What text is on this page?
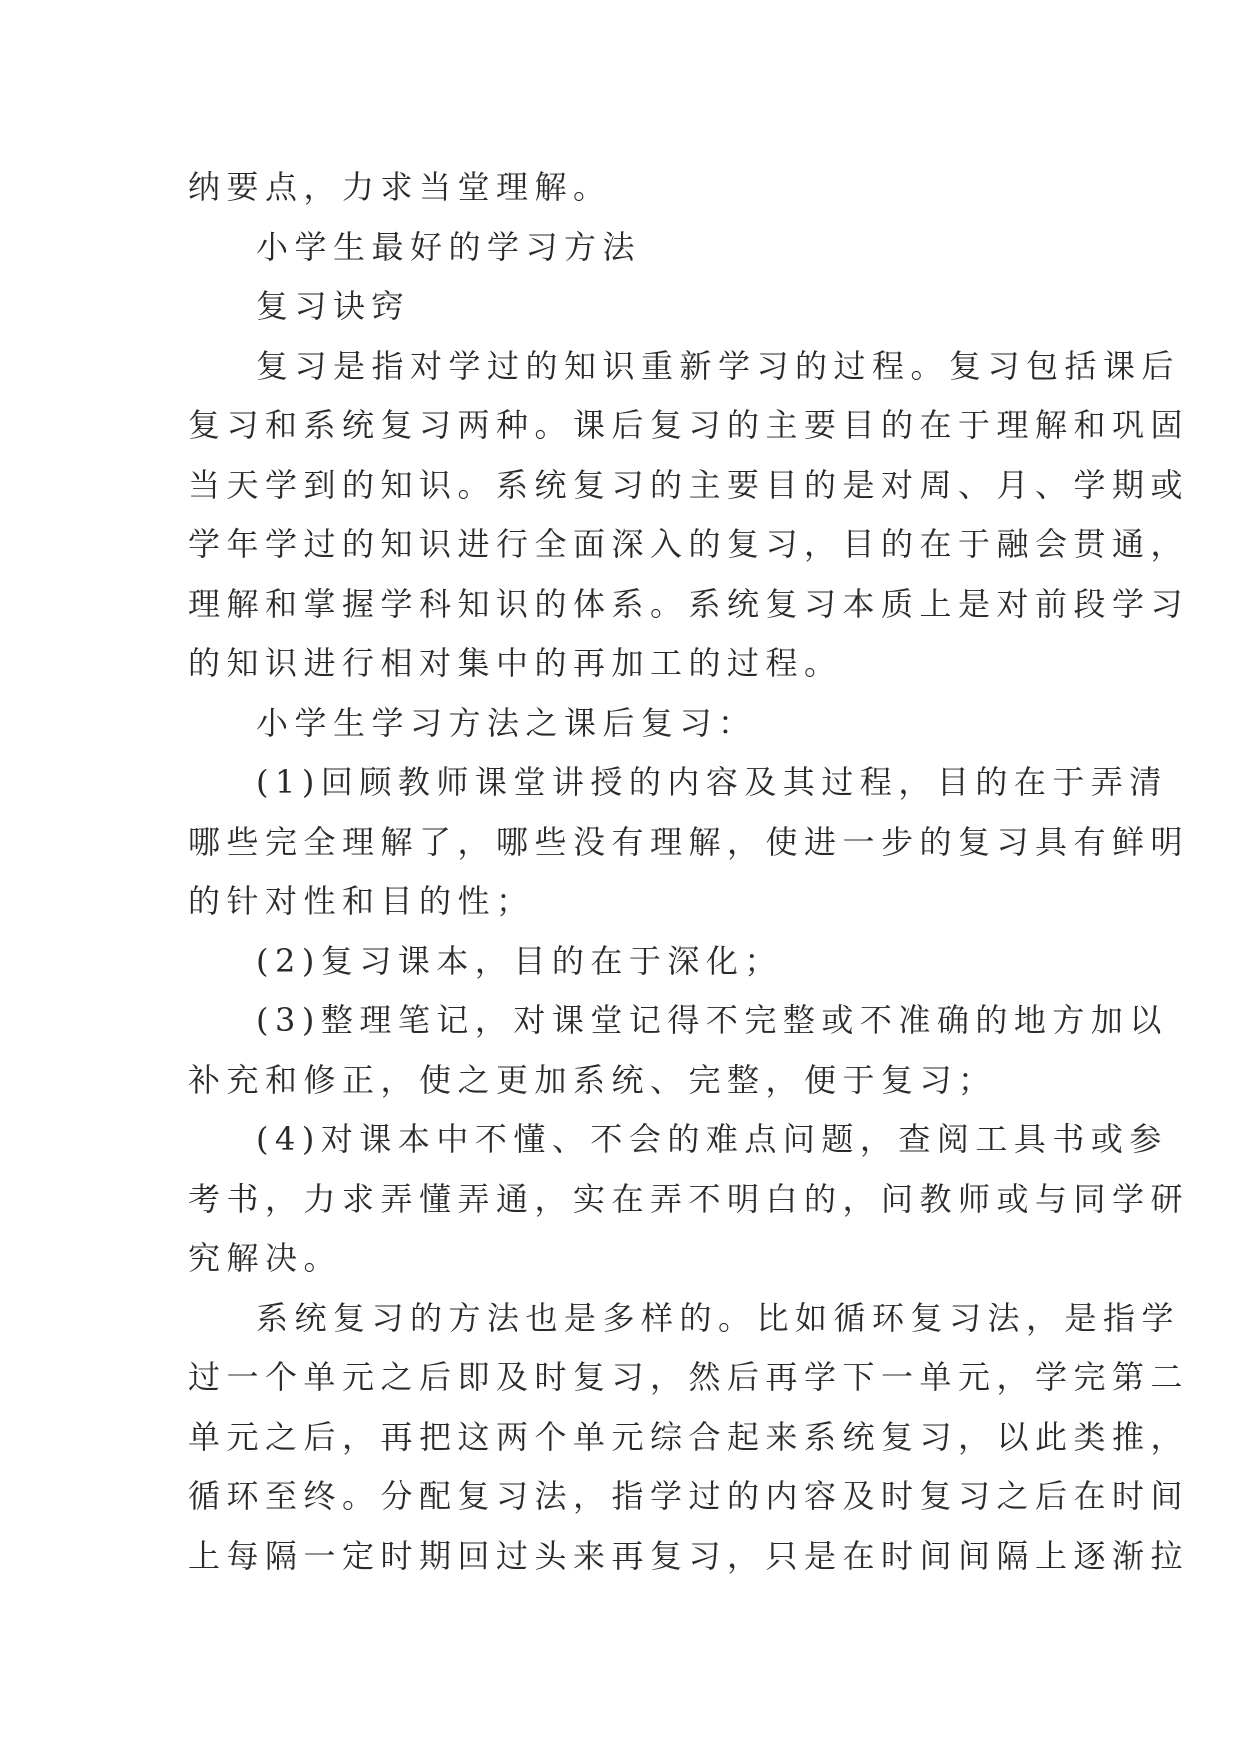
纳要点，力求当堂理解。
小学生最好的学习方法
复习诀窍
复习是指对学过的知识重新学习的过程。复习包括课后
复习和系统复习两种。课后复习的主要目的在于理解和巩固
当天学到的知识。系统复习的主要目的是对周、月、学期或
学年学过的知识进行全面深入的复习，目的在于融会贯通，
理解和掌握学科知识的体系。系统复习本质上是对前段学习
的知识进行相对集中的再加工的过程。
小学生学习方法之课后复习：
(1)回顾教师课堂讲授的内容及其过程，目的在于弄清
哪些完全理解了，哪些没有理解，使进一步的复习具有鲜明
的针对性和目的性；
(2)复习课本，目的在于深化；
(3)整理笔记，对课堂记得不完整或不准确的地方加以
补充和修正，使之更加系统、完整，便于复习；
(4)对课本中不懂、不会的难点问题，查阅工具书或参
考书，力求弄懂弄通，实在弄不明白的，问教师或与同学研
究解决。
系统复习的方法也是多样的。比如循环复习法，是指学
过一个单元之后即及时复习，然后再学下一单元，学完第二
单元之后，再把这两个单元综合起来系统复习，以此类推，
循环至终。分配复习法，指学过的内容及时复习之后在时间
上每隔一定时期回过头来再复习，只是在时间间隔上逐渐拉
